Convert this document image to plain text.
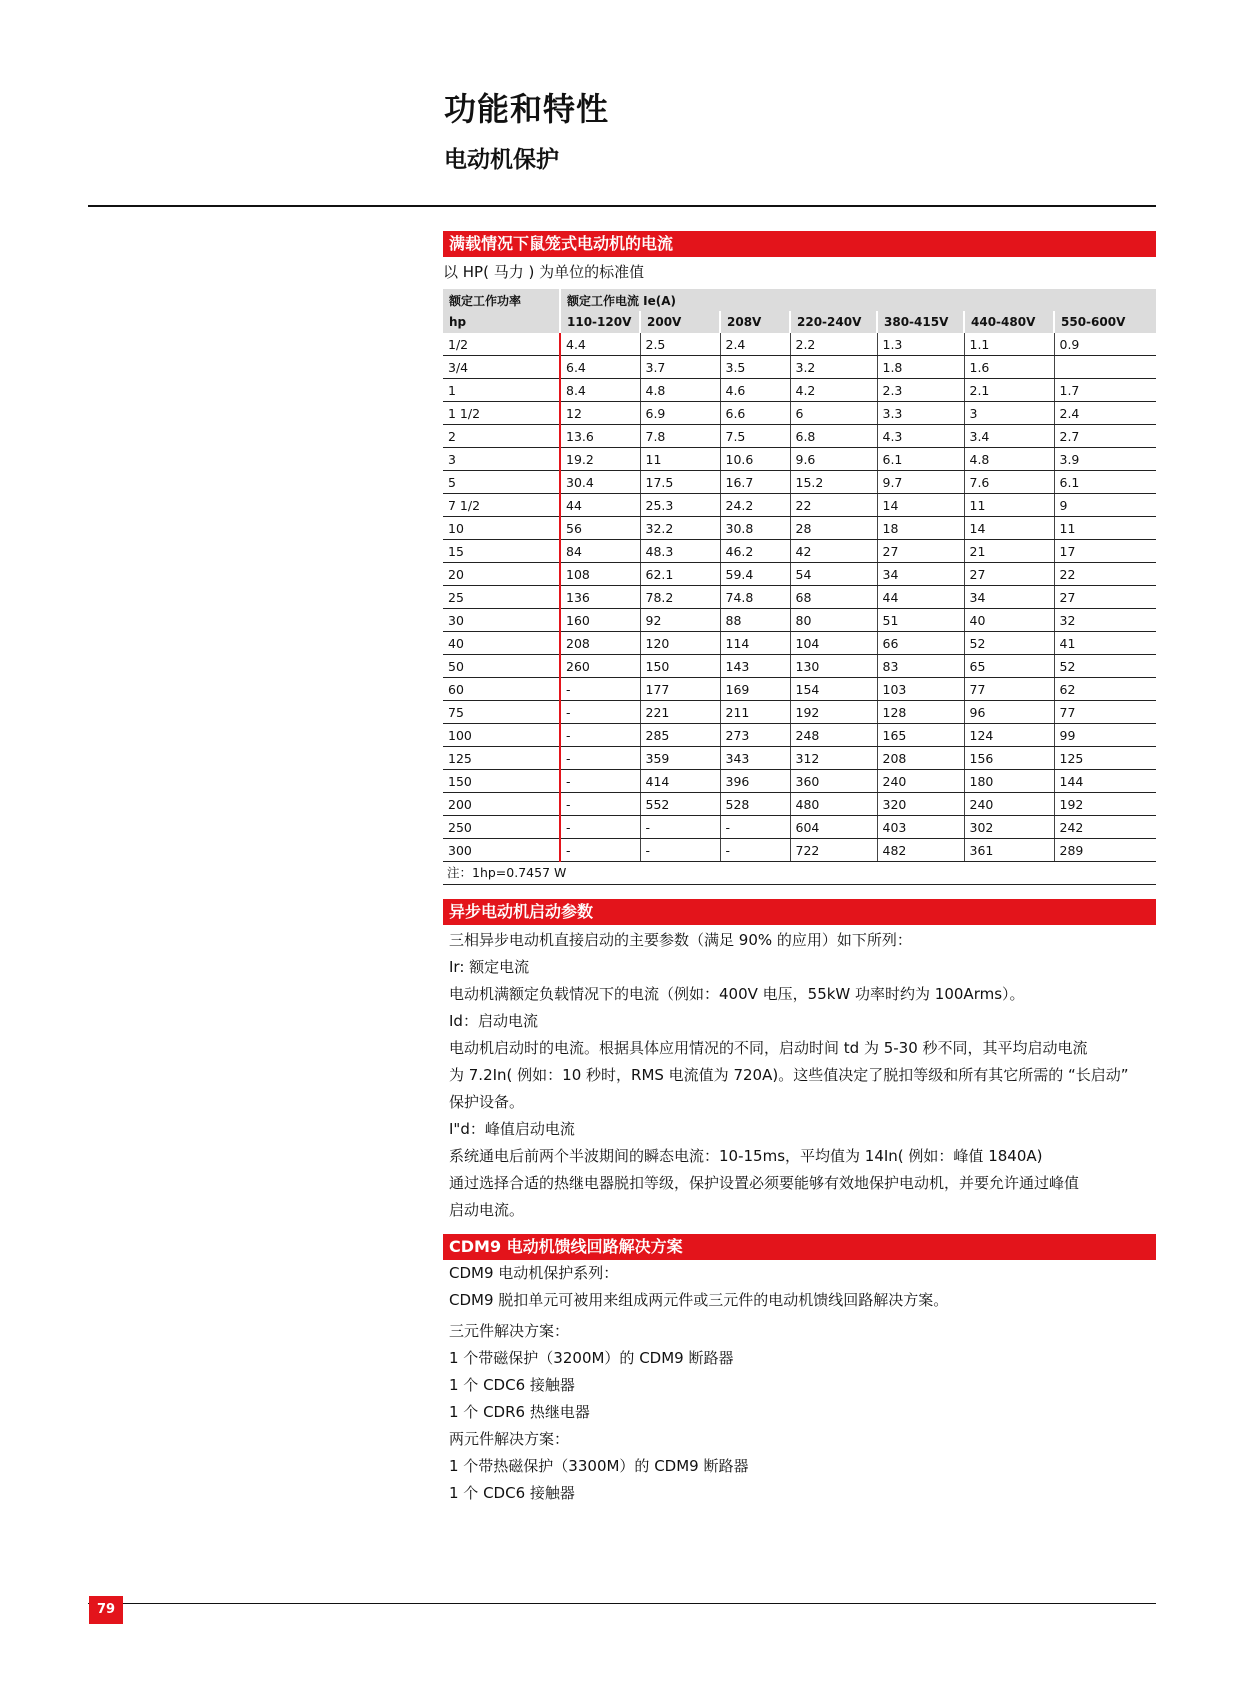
功能和特性
电动机保护
满载情况下鼠笼式电动机的电流
以 HP( 马力 ) 为单位的标准值
额定工作功率	额定工作电流 Ie(A)						
hp	110-120V	200V	208V	220-240V	380-415V	440-480V	550-600V
1/2	4.4	2.5	2.4	2.2	1.3	1.1	0.9
3/4	6.4	3.7	3.5	3.2	1.8	1.6	
1	8.4	4.8	4.6	4.2	2.3	2.1	1.7
1 1/2	12	6.9	6.6	6	3.3	3	2.4
2	13.6	7.8	7.5	6.8	4.3	3.4	2.7
3	19.2	11	10.6	9.6	6.1	4.8	3.9
5	30.4	17.5	16.7	15.2	9.7	7.6	6.1
7 1/2	44	25.3	24.2	22	14	11	9
10	56	32.2	30.8	28	18	14	11
15	84	48.3	46.2	42	27	21	17
20	108	62.1	59.4	54	34	27	22
25	136	78.2	74.8	68	44	34	27
30	160	92	88	80	51	40	32
40	208	120	114	104	66	52	41
50	260	150	143	130	83	65	52
60	-	177	169	154	103	77	62
75	-	221	211	192	128	96	77
100	-	285	273	248	165	124	99
125	-	359	343	312	208	156	125
150	-	414	396	360	240	180	144
200	-	552	528	480	320	240	192
250	-	-	-	604	403	302	242
300	-	-	-	722	482	361	289
注：1hp=0.7457 W
异步电动机启动参数

三相异步电动机直接启动的主要参数（满足 90% 的应用）如下所列：

Ir: 额定电流

电动机满额定负载情况下的电流（例如：400V 电压，55kW 功率时约为 100Arms）。

Id：启动电流

电动机启动时的电流。根据具体应用情况的不同，启动时间 td 为 5-30 秒不同，其平均启动电流

为 7.2In( 例如：10 秒时，RMS 电流值为 720A)。这些值决定了脱扣等级和所有其它所需的 “长启动”

保护设备。

I"d：峰值启动电流

系统通电后前两个半波期间的瞬态电流：10-15ms，平均值为 14In( 例如：峰值 1840A)

通过选择合适的热继电器脱扣等级，保护设置必须要能够有效地保护电动机，并要允许通过峰值

启动电流。

CDM9 电动机馈线回路解决方案

CDM9 电动机保护系列：

CDM9 脱扣单元可被用来组成两元件或三元件的电动机馈线回路解决方案。

三元件解决方案：

1 个带磁保护（3200M）的 CDM9 断路器

1 个 CDC6 接触器

1 个 CDR6 热继电器

两元件解决方案：

1 个带热磁保护（3300M）的 CDM9 断路器

1 个 CDC6 接触器

79
